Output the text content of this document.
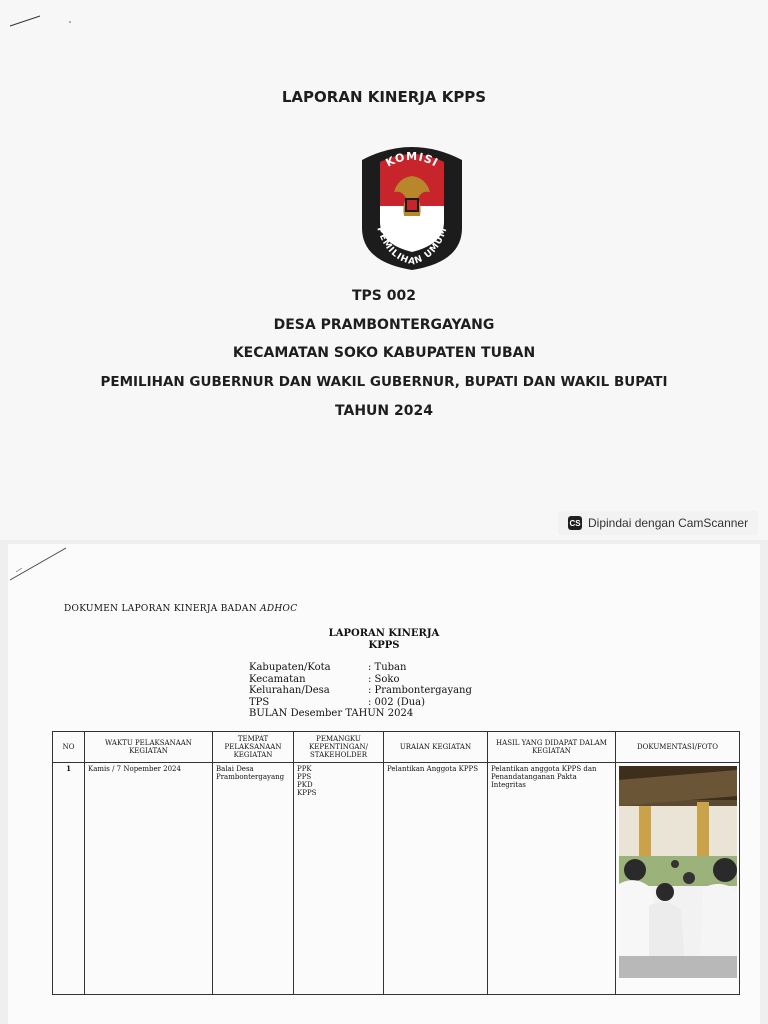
LAPORAN KINERJA KPPS
KOMISI
PEMILIHAN UMUM
TPS 002
DESA PRAMBONTERGAYANG
KECAMATAN SOKO KABUPATEN TUBAN
PEMILIHAN GUBERNUR DAN WAKIL GUBERNUR, BUPATI DAN WAKIL BUPATI
TAHUN 2024
CS Dipindai dengan CamScanner
DOKUMEN LAPORAN KINERJA BADAN ADHOC
LAPORAN KINERJA
KPPS
Kabupaten/Kota	: Tuban
Kecamatan	: Soko
Kelurahan/Desa	: Prambontergayang
TPS	: 002 (Dua)
BULAN Desember TAHUN 2024
NO	WAKTU PELAKSANAAN KEGIATAN	TEMPAT PELAKSANAAN KEGIATAN	PEMANGKU KEPENTINGAN/ STAKEHOLDER	URAIAN KEGIATAN	HASIL YANG DIDAPAT DALAM KEGIATAN	DOKUMENTASI/FOTO
1	Kamis / 7 Nopember 2024	Balai Desa Prambontergayang	PPK
PPS
PKD
KPPS	Pelantikan Anggota KPPS	Pelantikan anggota KPPS dan Penandatanganan Pakta Integritas	
